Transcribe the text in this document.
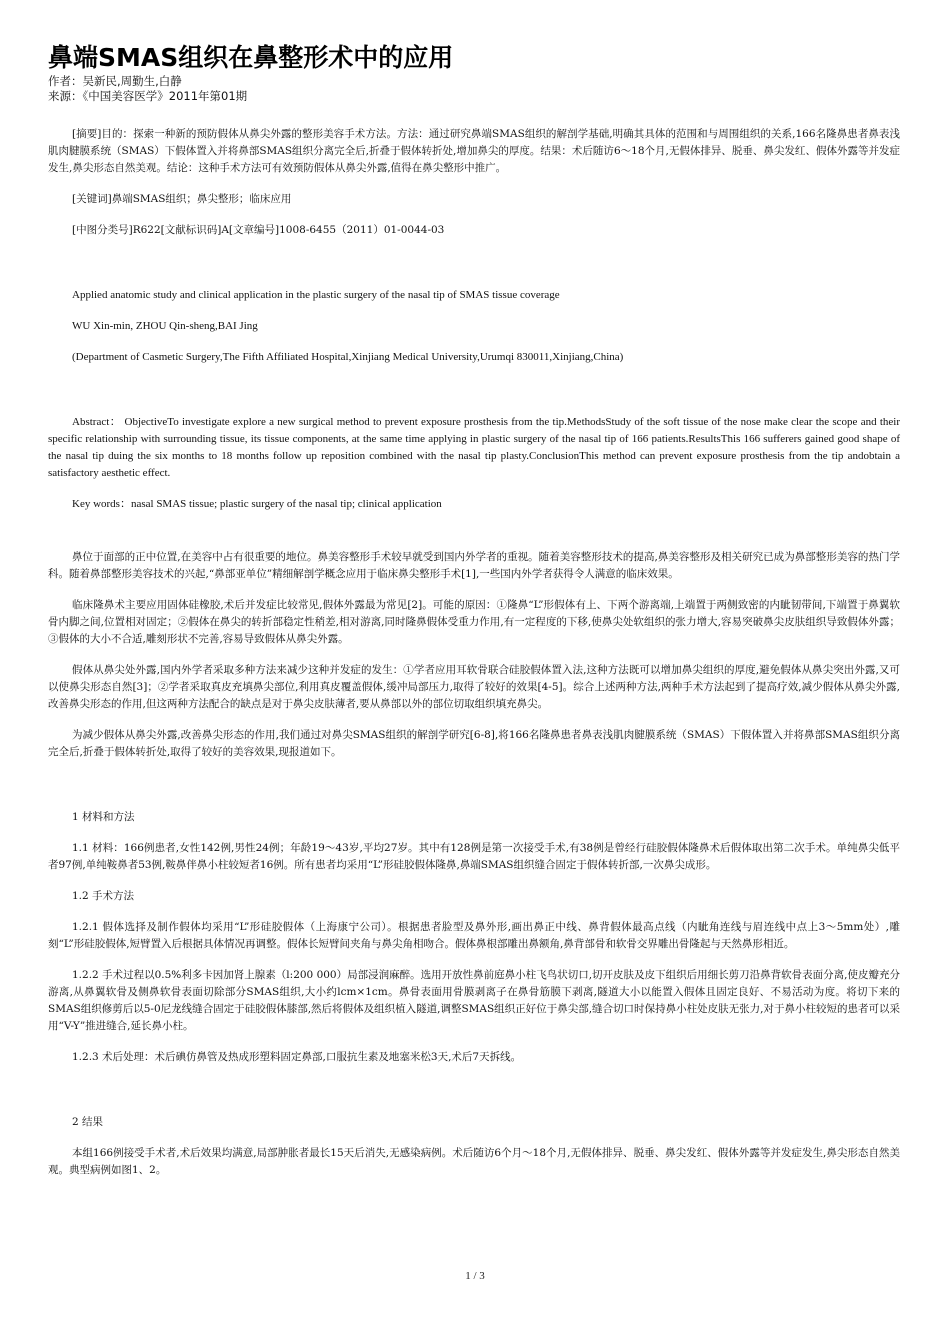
鼻端SMAS组织在鼻整形术中的应用

作者：吴新民,周勤生,白静

来源：《中国美容医学》2011年第01期

[摘要]目的：探索一种新的预防假体从鼻尖外露的整形美容手术方法。方法：通过研究鼻端SMAS组织的解剖学基础,明确其具体的范围和与周围组织的关系,166名隆鼻患者鼻表浅肌肉腱膜系统（SMAS）下假体置入并将鼻部SMAS组织分离完全后,折叠于假体转折处,增加鼻尖的厚度。结果：术后随访6～18个月,无假体排异、脱垂、鼻尖发红、假体外露等并发症发生,鼻尖形态自然美观。结论：这种手术方法可有效预防假体从鼻尖外露,值得在鼻尖整形中推广。

[关键词]鼻端SMAS组织；鼻尖整形；临床应用

[中图分类号]R622[文献标识码]A[文章编号]1008-6455（2011）01-0044-03

Applied anatomic study and clinical application in the plastic surgery of the nasal tip of SMAS tissue coverage

WU Xin-min, ZHOU Qin-sheng,BAI Jing

(Department of Casmetic Surgery,The Fifth Affiliated Hospital,Xinjiang Medical University,Urumqi 830011,Xinjiang,China)

Abstract： ObjectiveTo investigate explore a new surgical method to prevent exposure prosthesis from the tip.MethodsStudy of the soft tissue of the nose make clear the scope and their specific relationship with surrounding tissue, its tissue components, at the same time applying in plastic surgery of the nasal tip of 166 patients.ResultsThis 166 sufferers gained good shape of the nasal tip duing the six months to 18 months follow up reposition combined with the nasal tip plasty.ConclusionThis method can prevent exposure prosthesis from the tip andobtain a satisfactory aesthetic effect.

Key words：nasal SMAS tissue; plastic surgery of the nasal tip; clinical application

鼻位于面部的正中位置,在美容中占有很重要的地位。鼻美容整形手术较早就受到国内外学者的重视。随着美容整形技术的提高,鼻美容整形及相关研究已成为鼻部整形美容的热门学科。随着鼻部整形美容技术的兴起,“鼻部亚单位”精细解剖学概念应用于临床鼻尖整形手术[1],一些国内外学者获得令人满意的临床效果。

临床隆鼻术主要应用固体硅橡胶,术后并发症比较常见,假体外露最为常见[2]。可能的原因：①隆鼻“L”形假体有上、下两个游离端,上端置于两侧致密的内眦韧带间,下端置于鼻翼软骨内脚之间,位置相对固定；②假体在鼻尖的转折部稳定性稍差,相对游离,同时隆鼻假体受重力作用,有一定程度的下移,使鼻尖处软组织的张力增大,容易突破鼻尖皮肤组织导致假体外露；③假体的大小不合适,雕刻形状不完善,容易导致假体从鼻尖外露。

假体从鼻尖处外露,国内外学者采取多种方法来减少这种并发症的发生：①学者应用耳软骨联合硅胶假体置入法,这种方法既可以增加鼻尖组织的厚度,避免假体从鼻尖突出外露,又可以使鼻尖形态自然[3]；②学者采取真皮充填鼻尖部位,利用真皮覆盖假体,缓冲局部压力,取得了较好的效果[4-5]。综合上述两种方法,两种手术方法起到了提高疗效,减少假体从鼻尖外露,改善鼻尖形态的作用,但这两种方法配合的缺点是对于鼻尖皮肤薄者,要从鼻部以外的部位切取组织填充鼻尖。

为减少假体从鼻尖外露,改善鼻尖形态的作用,我们通过对鼻尖SMAS组织的解剖学研究[6-8],将166名隆鼻患者鼻表浅肌肉腱膜系统（SMAS）下假体置入并将鼻部SMAS组织分离完全后,折叠于假体转折处,取得了较好的美容效果,现报道如下。

1 材料和方法

1.1 材料：166例患者,女性142例,男性24例；年龄19～43岁,平均27岁。其中有128例是第一次接受手术,有38例是曾经行硅胶假体隆鼻术后假体取出第二次手术。单纯鼻尖低平者97例,单纯鞍鼻者53例,鞍鼻伴鼻小柱较短者16例。所有患者均采用“L”形硅胶假体隆鼻,鼻端SMAS组织缝合固定于假体转折部,一次鼻尖成形。

1.2 手术方法

1.2.1 假体选择及制作假体均采用“L”形硅胶假体（上海康宁公司）。根据患者脸型及鼻外形,画出鼻正中线、鼻背假体最高点线（内眦角连线与眉连线中点上3～5mm处）,雕刻“L”形硅胶假体,短臂置入后根据具体情况再调整。假体长短臂间夹角与鼻尖角相吻合。假体鼻根部雕出鼻额角,鼻背部骨和软骨交界雕出骨隆起与天然鼻形相近。

1.2.2 手术过程以0.5%利多卡因加肾上腺素（l:200 000）局部浸润麻醉。选用开放性鼻前庭鼻小柱飞鸟状切口,切开皮肤及皮下组织后用细长剪刀沿鼻背软骨表面分离,使皮瓣充分游离,从鼻翼软骨及侧鼻软骨表面切除部分SMAS组织,大小约lcm×1cm。鼻骨表面用骨膜剥离子在鼻骨筋膜下剥离,隧道大小以能置入假体且固定良好、不易活动为度。将切下来的SMAS组织修剪后以5-0尼龙线缝合固定于硅胶假体膝部,然后将假体及组织植入隧道,调整SMAS组织正好位于鼻尖部,缝合切口时保持鼻小柱处皮肤无张力,对于鼻小柱较短的患者可以采用“V-Y”推进缝合,延长鼻小柱。

1.2.3 术后处理：术后碘仿鼻管及热成形塑料固定鼻部,口服抗生素及地塞米松3天,术后7天拆线。

2 结果

本组166例接受手术者,术后效果均满意,局部肿胀者最长15天后消失,无感染病例。术后随访6个月～18个月,无假体排异、脱垂、鼻尖发红、假体外露等并发症发生,鼻尖形态自然美观。典型病例如图1、2。

1 / 3
